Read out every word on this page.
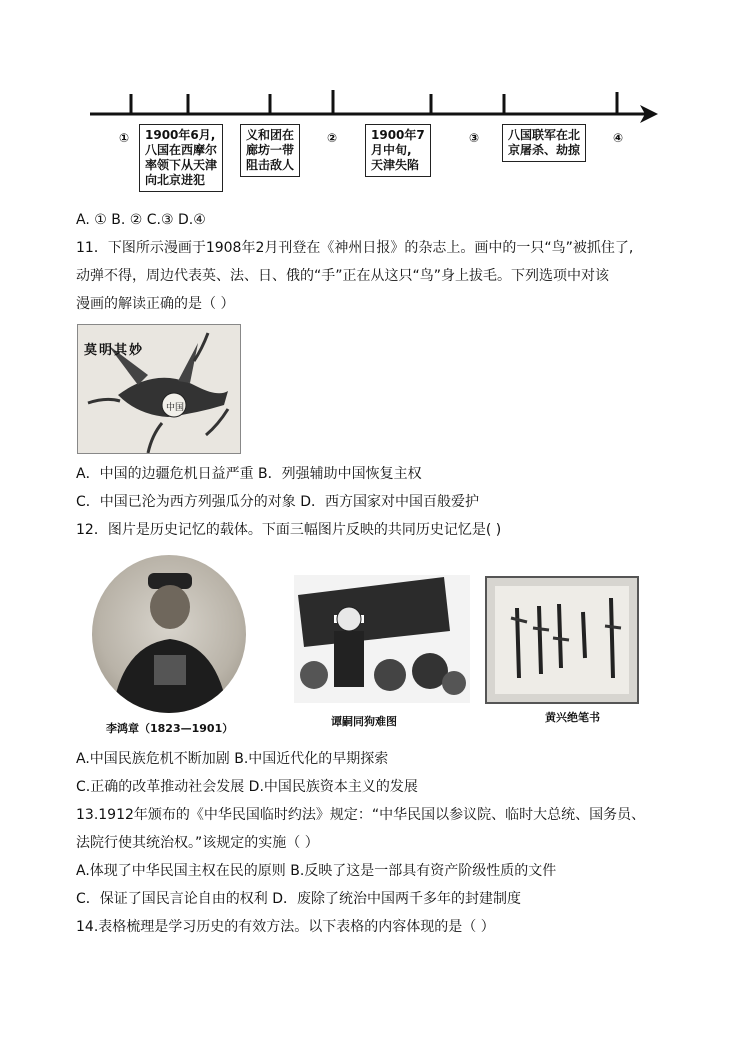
① 1900年6月,
八国在西摩尔
率领下从天津
向北京进犯
义和团在
廊坊一带
阻击敌人
②	1900年7
月中旬,
天津失陷
③ 八国联军在北
京屠杀、劫掠
④
A. ① B. ② C.③ D.④
11．下图所示漫画于1908年2月刊登在《神州日报》的杂志上。画中的一只“鸟”被抓住了,
动弹不得，周边代表英、法、日、俄的“手”正在从这只“鸟”身上拔毛。下列选项中对该
漫画的解读正确的是（ ）
莫明其妙
中国
A．中国的边疆危机日益严重 B．列强辅助中国恢复主权
C．中国已沦为西方列强瓜分的对象 D．西方国家对中国百般爱护
12．图片是历史记忆的载体。下面三幅图片反映的共同历史记忆是( )
李鸿章（1823—1901）
谭嗣同狗难图	黄兴绝笔书
A.中国民族危机不断加剧 B.中国近代化的早期探索
C.正确的改革推动社会发展 D.中国民族资本主义的发展
13.1912年颁布的《中华民国临时约法》规定：“中华民国以参议院、临时大总统、国务员、
法院行使其统治权。”该规定的实施（ ）
A.体现了中华民国主权在民的原则 B.反映了这是一部具有资产阶级性质的文件
C．保证了国民言论自由的权利 D．废除了统治中国两千多年的封建制度
14.表格梳理是学习历史的有效方法。以下表格的内容体现的是（ ）
